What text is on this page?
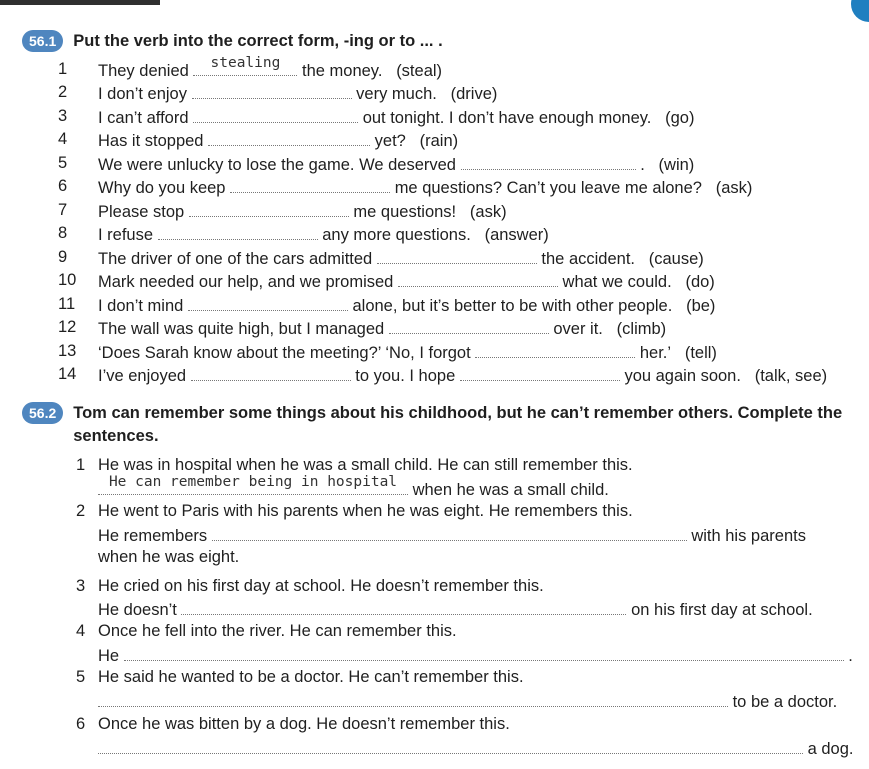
56.1	Put the verb into the correct form, -ing or to ... .
1	They denied	stealing	the money. (steal)
2	I don’t enjoy	very much. (drive)
3	I can’t afford	out tonight. I don’t have enough money. (go)
4	Has it stopped	yet? (rain)
5	We were unlucky to lose the game. We deserved	. (win)
6	Why do you keep	me questions? Can’t you leave me alone? (ask)
7	Please stop	me questions! (ask)
8	I refuse	any more questions. (answer)
9	The driver of one of the cars admitted	the accident. (cause)
10 Mark needed our help, and we promised	what we could. (do)
11 I don’t mind	alone, but it’s better to be with other people. (be)
12 The wall was quite high, but I managed	over it. (climb)
13 ‘Does Sarah know about the meeting?’ ‘No, I forgot	her.’ (tell)
14 I’ve enjoyed	to you. I hope	you again soon. (talk, see)
56.2	Tom can remember some things about his childhood, but he can’t remember others. Complete the sentences.
1 He was in hospital when he was a small child. He can still remember this.
He can remember being in hospital when he was a small child.
2 He went to Paris with his parents when he was eight. He remembers this.
He remembers	with his parents
when he was eight.
3 He cried on his first day at school. He doesn’t remember this.
He doesn’t	on his first day at school.
4 Once he fell into the river. He can remember this.
He	.
5 He said he wanted to be a doctor. He can’t remember this.
to be a doctor.
6 Once he was bitten by a dog. He doesn’t remember this.
a dog.
